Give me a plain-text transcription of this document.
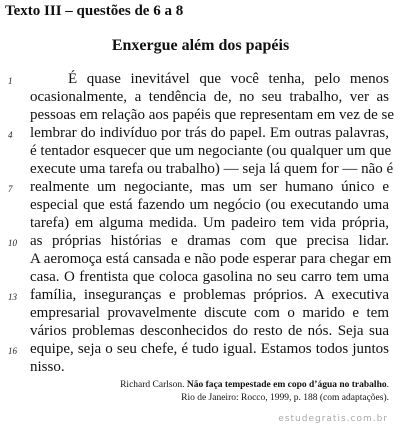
Texto III – questões de 6 a 8
Enxergue além dos papéis
1
4
7
10
13
16
É quase inevitável que você tenha, pelo menos
ocasionalmente, a tendência de, no seu trabalho, ver as
pessoas em relação aos papéis que representam em vez de se
lembrar do indivíduo por trás do papel. Em outras palavras,
é tentador esquecer que um negociante (ou qualquer um que
execute uma tarefa ou trabalho) — seja lá quem for — não é
realmente um negociante, mas um ser humano único e
especial que está fazendo um negócio (ou executando uma
tarefa) em alguma medida. Um padeiro tem vida própria,
as próprias histórias e dramas com que precisa lidar.
A aeromoça está cansada e não pode esperar para chegar em
casa. O frentista que coloca gasolina no seu carro tem uma
família, inseguranças e problemas próprios. A executiva
empresarial provavelmente discute com o marido e tem
vários problemas desconhecidos do resto de nós. Seja sua
equipe, seja o seu chefe, é tudo igual. Estamos todos juntos
nisso.
Richard Carlson. Não faça tempestade em copo d’água no trabalho.
Rio de Janeiro: Rocco, 1999, p. 188 (com adaptações).
estudegratis.com.br
